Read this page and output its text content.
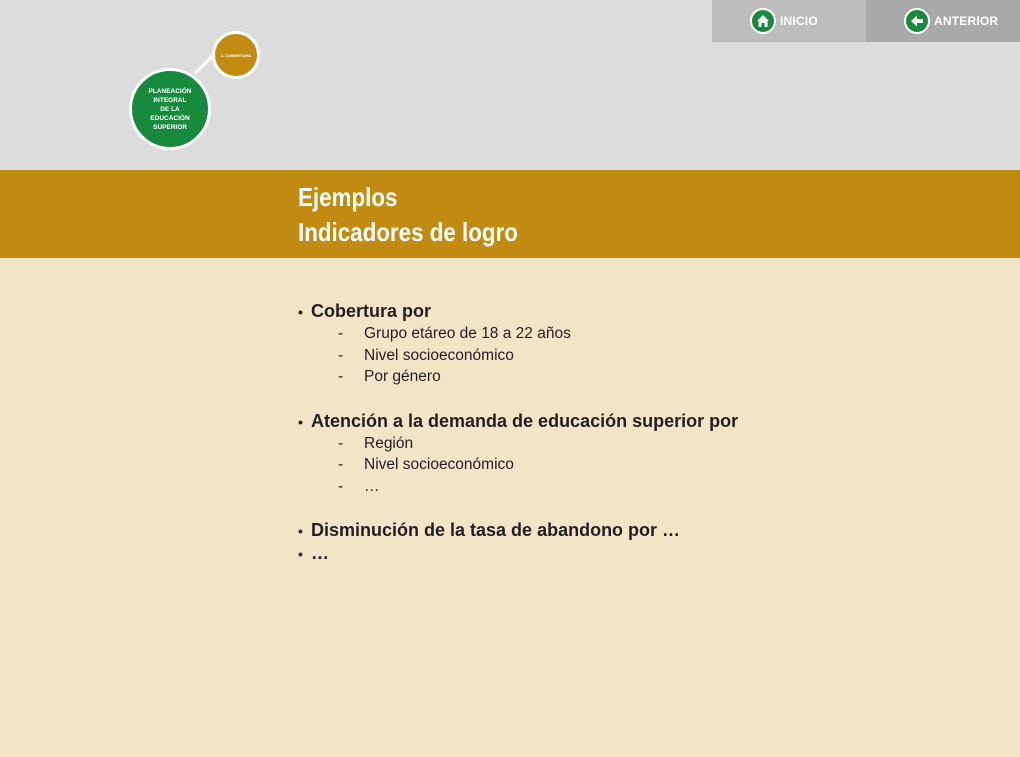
INICIO	ANTERIOR
PLANEACIÓN
INTEGRAL
DE LA
EDUCACIÓN
SUPERIOR
1. COBERTURA
Ejemplos
Indicadores de logro
• Cobertura por
-	Grupo etáreo de 18 a 22 años
-	Nivel socioeconómico
-	Por género
• Atención a la demanda de educación superior por
-	Región
-	Nivel socioeconómico
-	…
• Disminución de la tasa de abandono por …
• …
